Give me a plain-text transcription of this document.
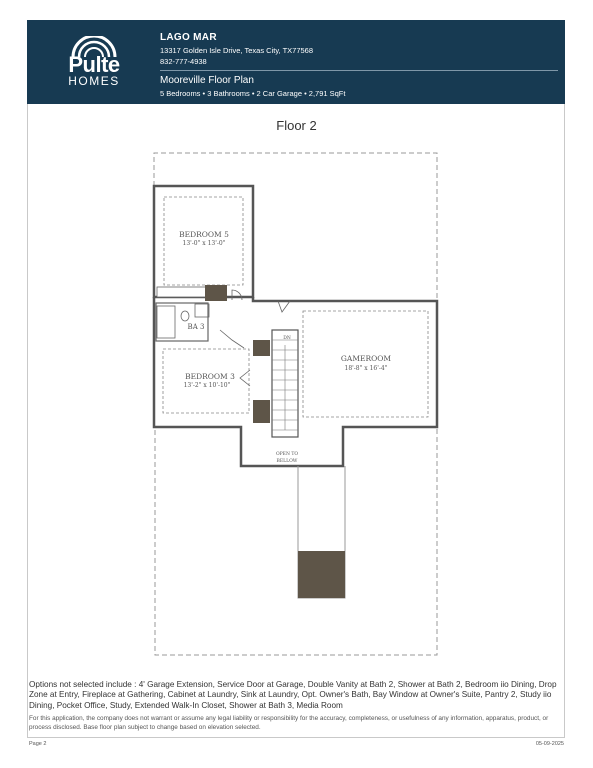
Pulte
HOMES
LAGO MAR
13317 Golden Isle Drive, Texas City, TX77568
832-777-4938
Mooreville Floor Plan
5 Bedrooms • 3 Bathrooms • 2 Car Garage • 2,791 SqFt
Floor 2
BEDROOM 5
13'-0" x 13'-0"
BA 3
BEDROOM 3
13'-2" x 10'-10"
GAMEROOM
18'-8" x 16'-4"
DN
OPEN TO
BELLOW
Options not selected include : 4' Garage Extension, Service Door at Garage, Double Vanity at Bath 2, Shower at Bath 2, Bedroom iio Dining, Drop Zone at Entry, Fireplace at Gathering, Cabinet at Laundry, Sink at Laundry, Opt. Owner's Bath, Bay Window at Owner's Suite, Pantry 2, Study iio Dining, Pocket Office, Study, Extended Walk-In Closet, Shower at Bath 3, Media Room
For this application, the company does not warrant or assume any legal liability or responsibility for the accuracy, completeness, or usefulness of any information, apparatus, product, or process disclosed. Base floor plan subject to change based on elevation selected.
Page 2	05-09-2025
